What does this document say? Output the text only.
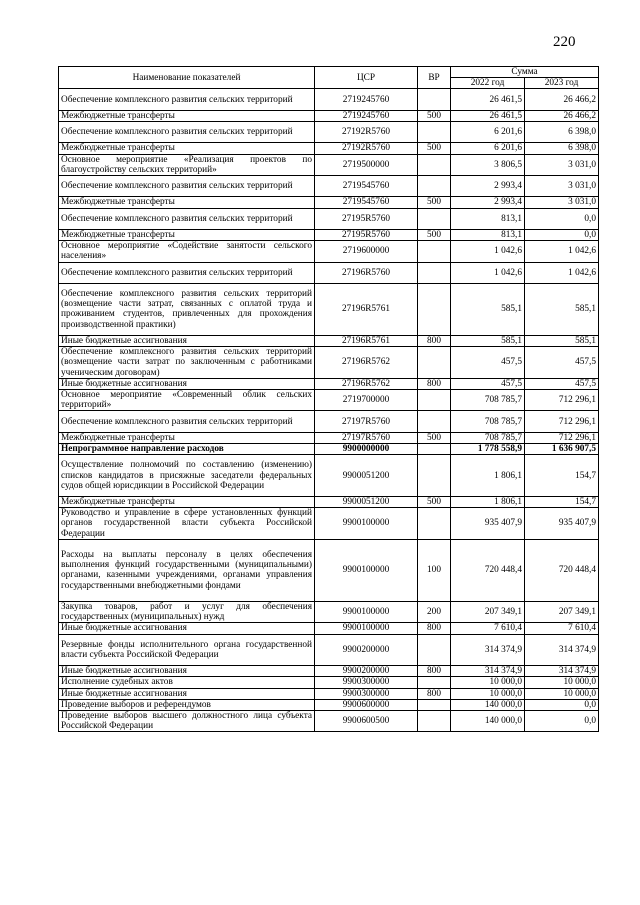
220
Наименование показателей	ЦСР	ВР	Сумма	
			2022 год	2023 год
Обеспечение комплексного развития сельских территорий	2719245760		26 461,5	26 466,2
Межбюджетные трансферты	2719245760	500	26 461,5	26 466,2
Обеспечение комплексного развития сельских территорий	27192R5760		6 201,6	6 398,0
Межбюджетные трансферты	27192R5760	500	6 201,6	6 398,0
Основное мероприятие «Реализация проектов по благоустройству сельских территорий»	2719500000		3 806,5	3 031,0
Обеспечение комплексного развития сельских территорий	2719545760		2 993,4	3 031,0
Межбюджетные трансферты	2719545760	500	2 993,4	3 031,0
Обеспечение комплексного развития сельских территорий	27195R5760		813,1	0,0
Межбюджетные трансферты	27195R5760	500	813,1	0,0
Основное мероприятие «Содействие занятости сельского населения»	2719600000		1 042,6	1 042,6
Обеспечение комплексного развития сельских территорий	27196R5760		1 042,6	1 042,6
Обеспечение комплексного развития сельских территорий (возмещение части затрат, связанных с оплатой труда и проживанием студентов, привлеченных для прохождения производственной практики)	27196R5761		585,1	585,1
Иные бюджетные ассигнования	27196R5761	800	585,1	585,1
Обеспечение комплексного развития сельских территорий (возмещение части затрат по заключенным с работниками ученическим договорам)	27196R5762		457,5	457,5
Иные бюджетные ассигнования	27196R5762	800	457,5	457,5
Основное мероприятие «Современный облик сельских территорий»	2719700000		708 785,7	712 296,1
Обеспечение комплексного развития сельских территорий	27197R5760		708 785,7	712 296,1
Межбюджетные трансферты	27197R5760	500	708 785,7	712 296,1
Непрограммное направление расходов	9900000000		1 778 558,9	1 636 907,5
Осуществление полномочий по составлению (изменению) списков кандидатов в присяжные заседатели федеральных судов общей юрисдикции в Российской Федерации	9900051200		1 806,1	154,7
Межбюджетные трансферты	9900051200	500	1 806,1	154,7
Руководство и управление в сфере установленных функций органов государственной власти субъекта Российской Федерации	9900100000		935 407,9	935 407,9
Расходы на выплаты персоналу в целях обеспечения выполнения функций государственными (муниципальными) органами, казенными учреждениями, органами управления государственными внебюджетными фондами	9900100000	100	720 448,4	720 448,4
Закупка товаров, работ и услуг для обеспечения государственных (муниципальных) нужд	9900100000	200	207 349,1	207 349,1
Иные бюджетные ассигнования	9900100000	800	7 610,4	7 610,4
Резервные фонды исполнительного органа государственной власти субъекта Российской Федерации	9900200000		314 374,9	314 374,9
Иные бюджетные ассигнования	9900200000	800	314 374,9	314 374,9
Исполнение судебных актов	9900300000		10 000,0	10 000,0
Иные бюджетные ассигнования	9900300000	800	10 000,0	10 000,0
Проведение выборов и референдумов	9900600000		140 000,0	0,0
Проведение выборов высшего должностного лица субъекта Российской Федерации	9900600500		140 000,0	0,0
